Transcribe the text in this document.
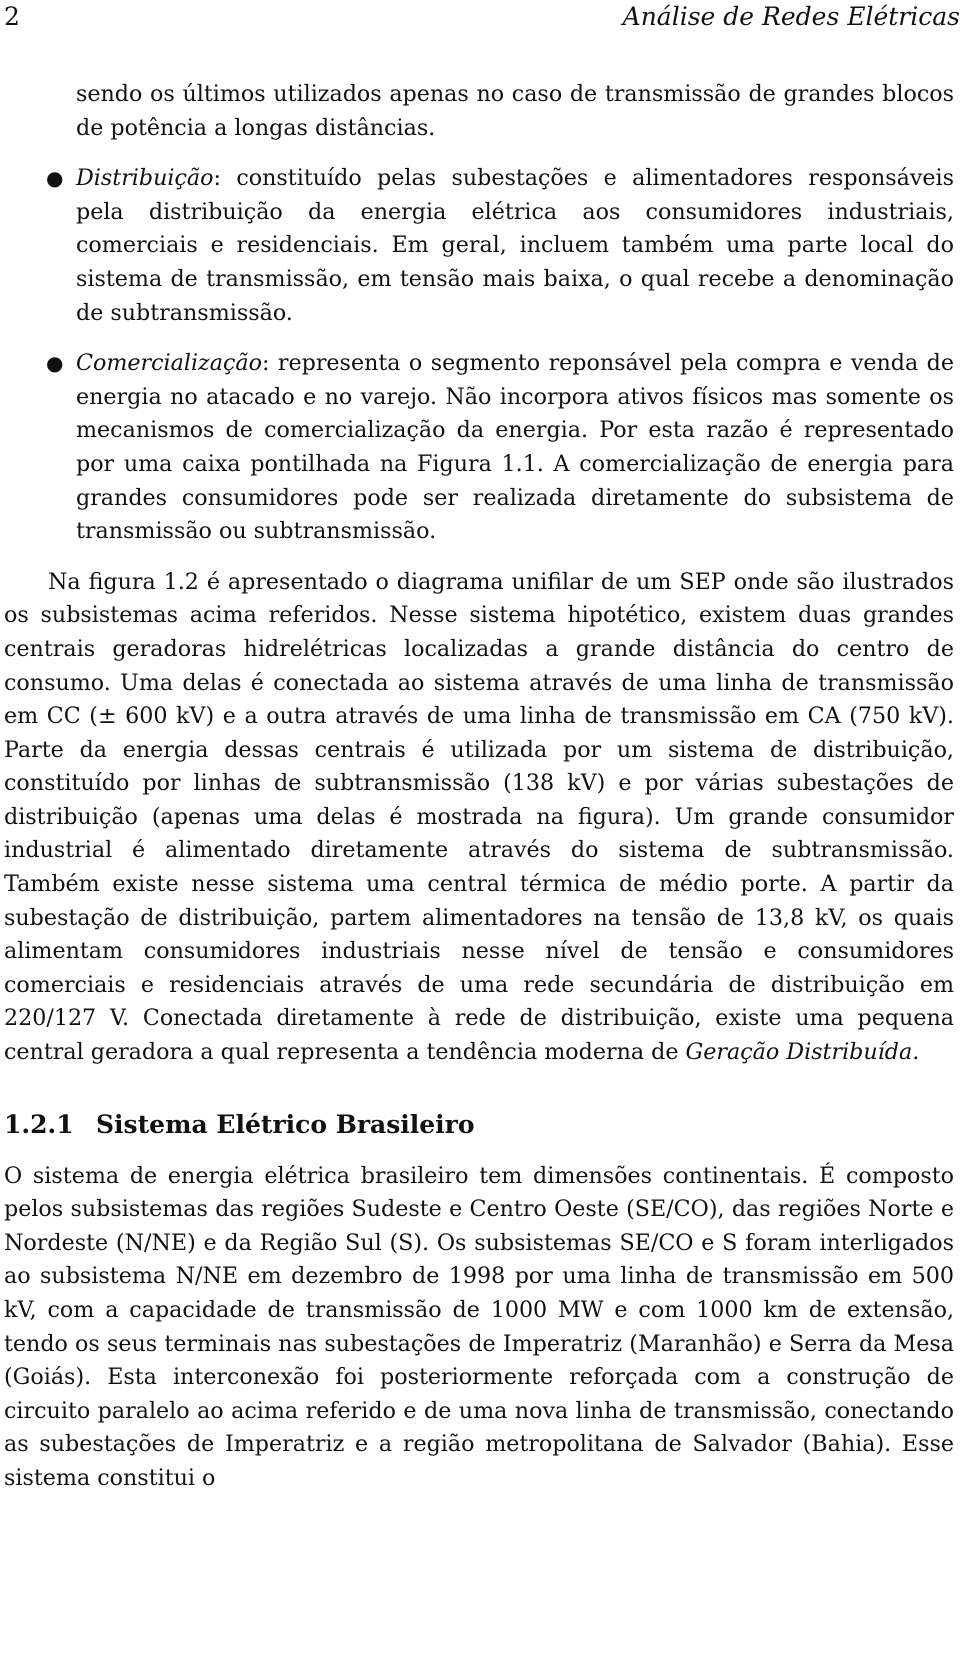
2	Análise de Redes Elétricas

sendo os últimos utilizados apenas no caso de transmissão de grandes blocos de potência a longas distâncias.

● Distribuição: constituído pelas subestações e alimentadores responsáveis pela distribuição da energia elétrica aos consumidores industriais, comerciais e residenciais. Em geral, incluem também uma parte local do sistema de transmissão, em tensão mais baixa, o qual recebe a denominação de subtransmissão.
● Comercialização: representa o segmento reponsável pela compra e venda de energia no atacado e no varejo. Não incorpora ativos físicos mas somente os mecanismos de comercialização da energia. Por esta razão é representado por uma caixa pontilhada na Figura 1.1. A comercialização de energia para grandes consumidores pode ser realizada diretamente do subsistema de transmissão ou subtransmissão.

Na figura 1.2 é apresentado o diagrama unifilar de um SEP onde são ilustrados os subsistemas acima referidos. Nesse sistema hipotético, existem duas grandes centrais geradoras hidrelétricas localizadas a grande distância do centro de consumo. Uma delas é conectada ao sistema através de uma linha de transmissão em CC (± 600 kV) e a outra através de uma linha de transmissão em CA (750 kV). Parte da energia dessas centrais é utilizada por um sistema de distribuição, constituído por linhas de subtransmissão (138 kV) e por várias subestações de distribuição (apenas uma delas é mostrada na figura). Um grande consumidor industrial é alimentado diretamente através do sistema de subtransmissão. Também existe nesse sistema uma central térmica de médio porte. A partir da subestação de distribuição, partem alimentadores na tensão de 13,8 kV, os quais alimentam consumidores industriais nesse nível de tensão e consumidores comerciais e residenciais através de uma rede secundária de distribuição em 220/127 V. Conectada diretamente à rede de distribuição, existe uma pequena central geradora a qual representa a tendência moderna de Geração Distribuída.

1.2.1 Sistema Elétrico Brasileiro

O sistema de energia elétrica brasileiro tem dimensões continentais. É composto pelos subsistemas das regiões Sudeste e Centro Oeste (SE/CO), das regiões Norte e Nordeste (N/NE) e da Região Sul (S). Os subsistemas SE/CO e S foram interligados ao subsistema N/NE em dezembro de 1998 por uma linha de transmissão em 500 kV, com a capacidade de transmissão de 1000 MW e com 1000 km de extensão, tendo os seus terminais nas subestações de Imperatriz (Maranhão) e Serra da Mesa (Goiás). Esta interconexão foi posteriormente reforçada com a construção de circuito paralelo ao acima referido e de uma nova linha de transmissão, conectando as subestações de Imperatriz e a região metropolitana de Salvador (Bahia). Esse sistema constitui o
